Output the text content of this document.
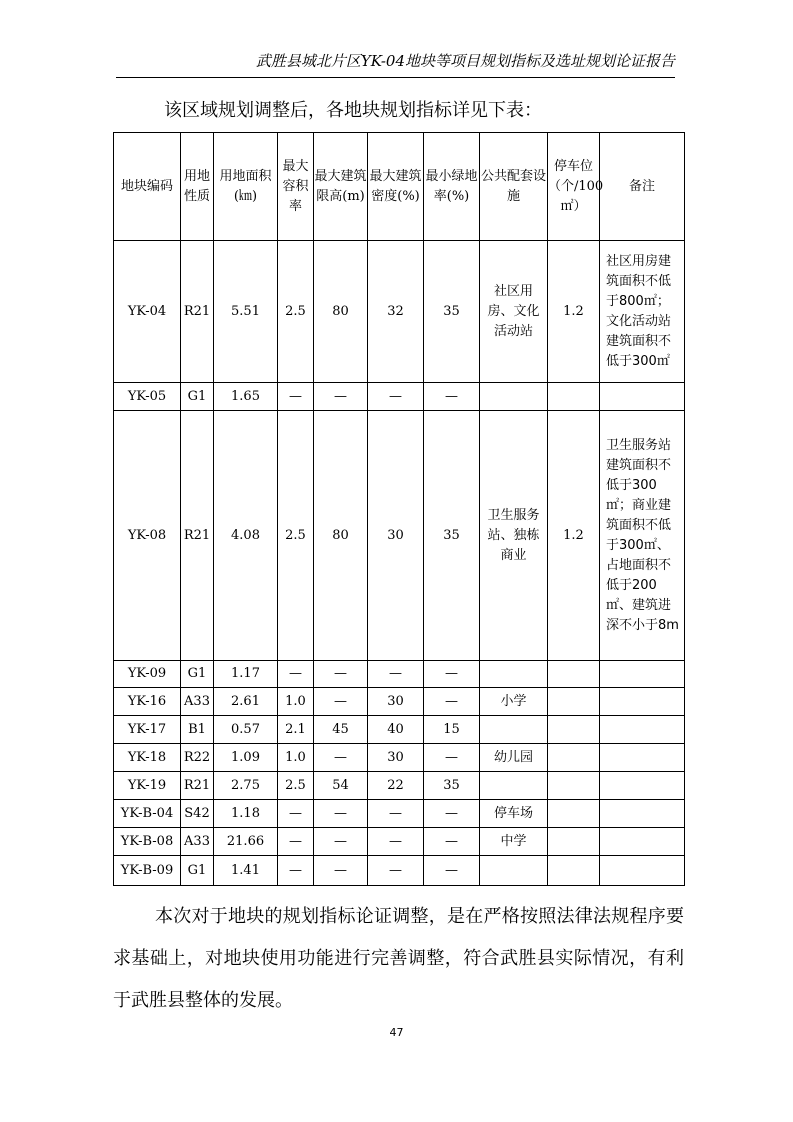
武胜县城北片区YK-04地块等项目规划指标及选址规划论证报告
该区域规划调整后，各地块规划指标详见下表：
地块编码	用地性质	用地面积(㎞)	最大容积率	最大建筑限高(m)	最大建筑密度(%)	最小绿地率(%)	公共配套设施	停车位（个/100㎡）	备注
YK-04	R21	5.51	2.5	80	32	35	社区用房、文化活动站	1.2	社区用房建筑面积不低于800㎡；文化活动站建筑面积不低于300㎡
YK-05	G1	1.65	—	—	—	—			
YK-08	R21	4.08	2.5	80	30	35	卫生服务站、独栋商业	1.2	卫生服务站建筑面积不低于300㎡；商业建筑面积不低于300㎡、占地面积不低于200㎡、建筑进深不小于8m
YK-09	G1	1.17	—	—	—	—			
YK-16	A33	2.61	1.0	—	30	—	小学		
YK-17	B1	0.57	2.1	45	40	15			
YK-18	R22	1.09	1.0	—	30	—	幼儿园		
YK-19	R21	2.75	2.5	54	22	35			
YK-B-04	S42	1.18	—	—	—	—	停车场		
YK-B-08	A33	21.66	—	—	—	—	中学		
YK-B-09	G1	1.41	—	—	—	—			
本次对于地块的规划指标论证调整，是在严格按照法律法规程序要求基础上，对地块使用功能进行完善调整，符合武胜县实际情况，有利于武胜县整体的发展。
47
